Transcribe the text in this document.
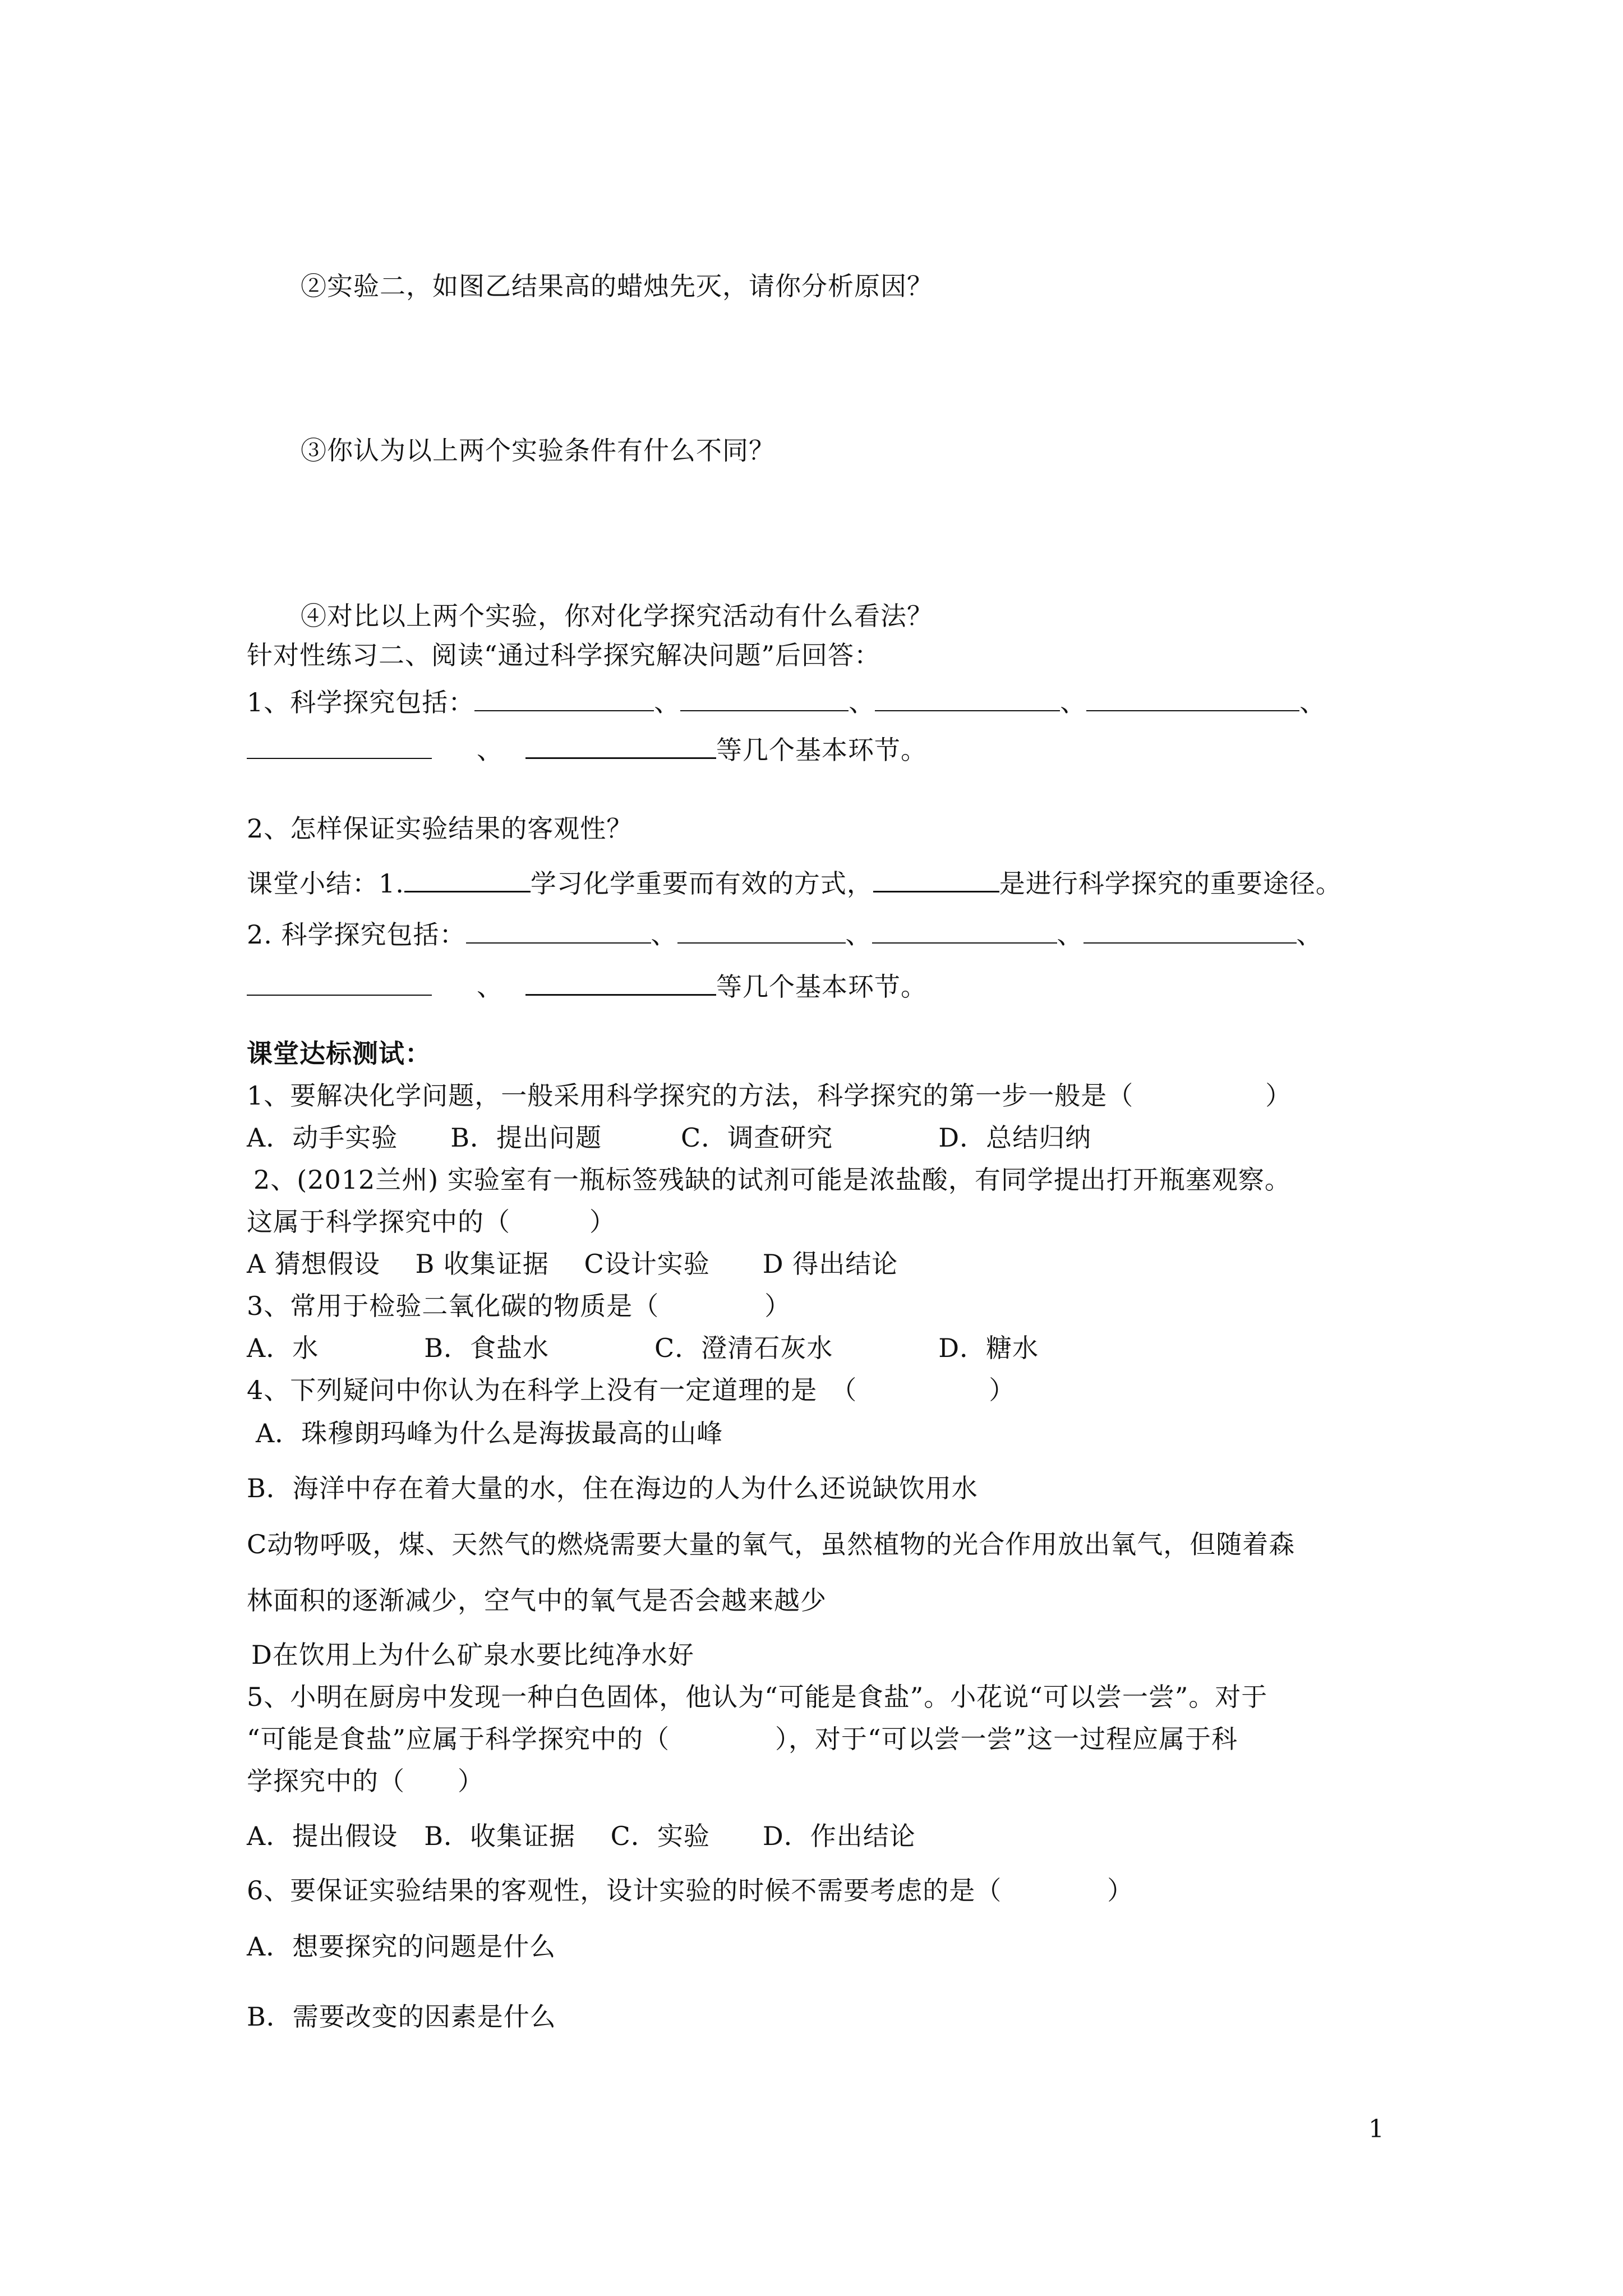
②实验二，如图乙结果高的蜡烛先灭，请你分析原因？
③你认为以上两个实验条件有什么不同？
④对比以上两个实验，你对化学探究活动有什么看法？
针对性练习二、阅读“通过科学探究解决问题”后回答：
1、科学探究包括：	、	、	、	、
、	等几个基本环节。
2、怎样保证实验结果的客观性？
课堂小结：1.	学习化学重要而有效的方式，	是进行科学探究的重要途径。
2. 科学探究包括：	、	、	、	、
、	等几个基本环节。
课堂达标测试：
1、要解决化学问题，一般采用科学探究的方法，科学探究的第一步一般是（　　　　　）
A．动手实验　　B．提出问题　　　C．调查研究　　　　D．总结归纳
2、(2012兰州) 实验室有一瓶标签残缺的试剂可能是浓盐酸，有同学提出打开瓶塞观察。
这属于科学探究中的（　　　）
A 猜想假设　 B 收集证据　 C设计实验　　D 得出结论
3、常用于检验二氧化碳的物质是（　　　　）
A．水　　　　B．食盐水　　　　C．澄清石灰水　　　　D．糖水
4、下列疑问中你认为在科学上没有一定道理的是　（　　　　　）
A．珠穆朗玛峰为什么是海拔最高的山峰
B．海洋中存在着大量的水，住在海边的人为什么还说缺饮用水
C动物呼吸，煤、天然气的燃烧需要大量的氧气，虽然植物的光合作用放出氧气，但随着森
林面积的逐渐减少，空气中的氧气是否会越来越少
D在饮用上为什么矿泉水要比纯净水好
5、小明在厨房中发现一种白色固体，他认为“可能是食盐”。小花说“可以尝一尝”。对于
“可能是食盐”应属于科学探究中的（　　　　），对于“可以尝一尝”这一过程应属于科
学探究中的（　　）
A．提出假设　B．收集证据　 C．实验　　D．作出结论
6、要保证实验结果的客观性，设计实验的时候不需要考虑的是（　　　　）
A．想要探究的问题是什么
B．需要改变的因素是什么
1
